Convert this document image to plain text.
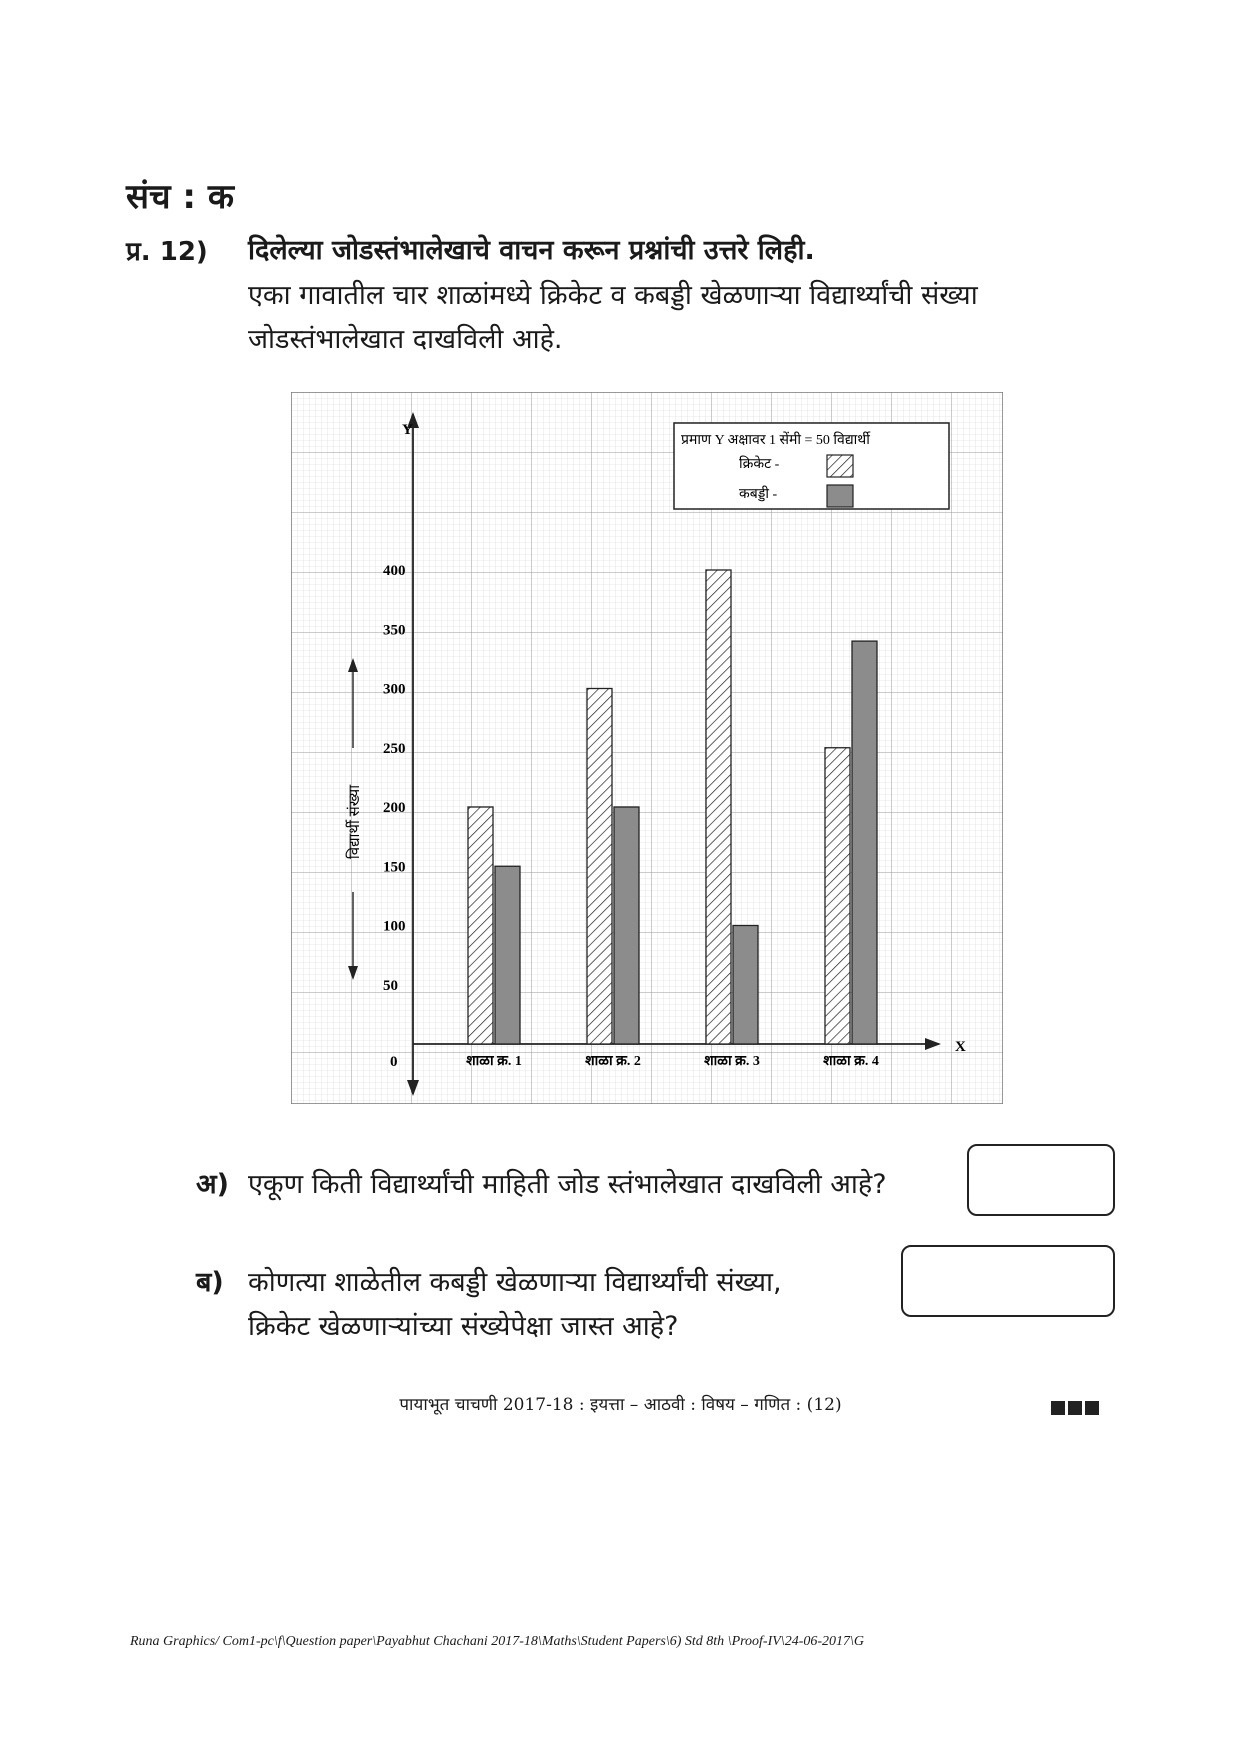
संच : क
प्र. 12) दिलेल्या जोडस्तंभालेखाचे वाचन करून प्रश्नांची उत्तरे लिही.
एका गावातील चार शाळांमध्ये क्रिकेट व कबड्डी खेळणाऱ्या विद्यार्थ्यांची संख्या जोडस्तंभालेखात दाखविली आहे.
प्रमाण Y अक्षावर 1 सेंमी = 50 विद्यार्थी
क्रिकेट -
कबड्डी -
Y
X
0
50
100
150
200
250
300
350
400
विद्यार्थी संख्या
शाळा क्र. 1	शाळा क्र. 2	शाळा क्र. 3	शाळा क्र. 4
अ) एकूण किती विद्यार्थ्यांची माहिती जोड स्तंभालेखात दाखविली आहे?
ब) कोणत्या शाळेतील कबड्डी खेळणाऱ्या विद्यार्थ्यांची संख्या,
क्रिकेट खेळणाऱ्यांच्या संख्येपेक्षा जास्त आहे?
पायाभूत चाचणी 2017-18 : इयत्ता – आठवी : विषय – गणित : (12)
Runa Graphics/ Com1-pc\f\Question paper\Payabhut Chachani 2017-18\Maths\Student Papers\6) Std 8th \Proof-IV\24-06-2017\G
